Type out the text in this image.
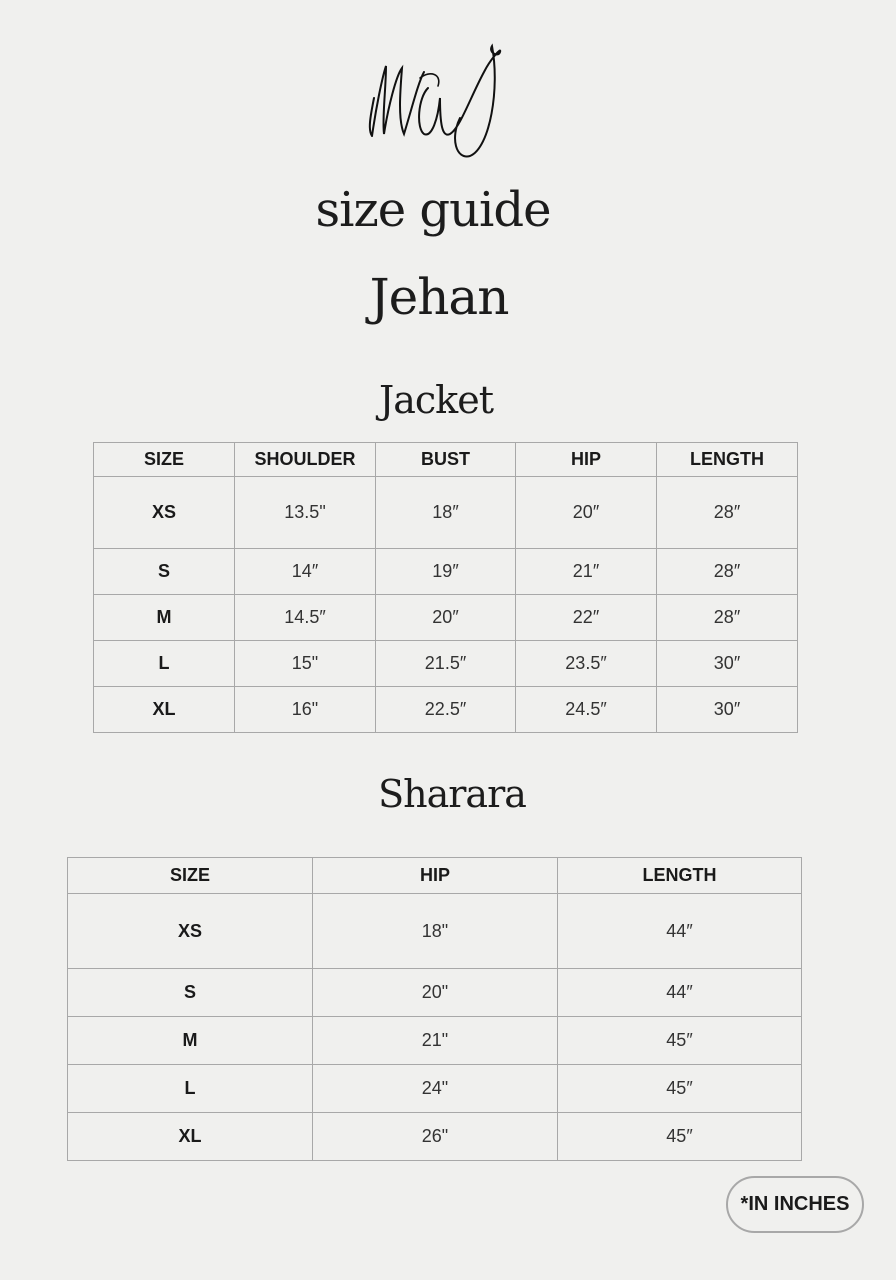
size guide
Jehan
Jacket
SIZE	SHOULDER	BUST	HIP	LENGTH
XS	13.5"	18″	20″	28″
S	14″	19″	21″	28″
M	14.5″	20″	22″	28″
L	15"	21.5″	23.5″	30″
XL	16"	22.5″	24.5″	30″
Sharara
SIZE	HIP	LENGTH
XS	18"	44″
S	20"	44″
M	21"	45″
L	24"	45″
XL	26"	45″
*IN INCHES
